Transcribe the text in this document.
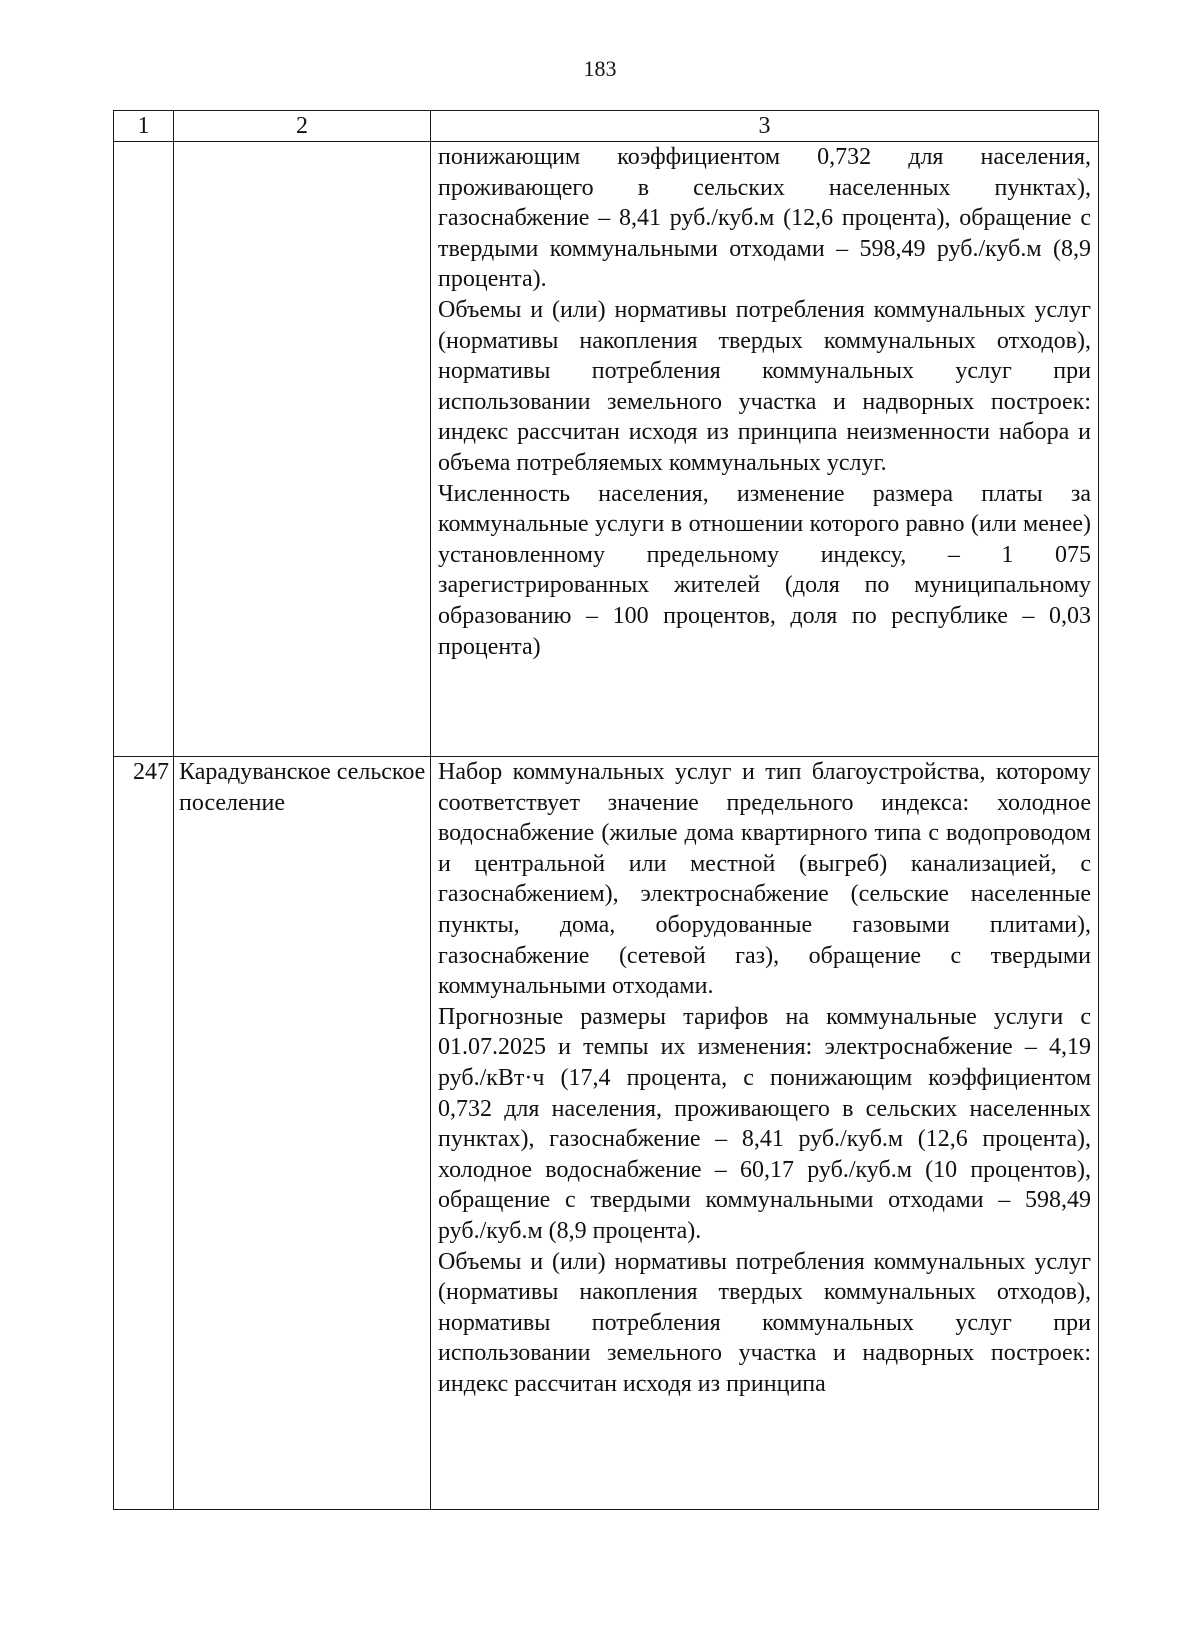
183
1	2	3

		понижающим коэффициентом 0,732 для населения, проживающего в сельских населенных пунктах), газоснабжение – 8,41 руб./куб.м (12,6 процента), обращение с твердыми коммунальными отходами – 598,49 руб./куб.м (8,9 процента).

Объемы и (или) нормативы потребления коммунальных услуг (нормативы накопления твердых коммунальных отходов), нормативы потребления коммунальных услуг при использовании земельного участка и надворных построек: индекс рассчитан исходя из принципа неизменности набора и объема потребляемых коммунальных услуг.

Численность населения, изменение размера платы за коммунальные услуги в отношении которого равно (или менее) установленному предельному индексу, – 1 075 зарегистрированных жителей (доля по муниципальному образованию – 100 процентов, доля по республике – 0,03 процента)

247	Карадуванское сельское поселение	Набор коммунальных услуг и тип благоустройства, которому соответствует значение предельного индекса: холодное водоснабжение (жилые дома квартирного типа с водопроводом и центральной или местной (выгреб) канализацией, с газоснабжением), электроснабжение (сельские населенные пункты, дома, оборудованные газовыми плитами), газоснабжение (сетевой газ), обращение с твердыми коммунальными отходами.

Прогнозные размеры тарифов на коммунальные услуги с 01.07.2025 и темпы их изменения: электроснабжение – 4,19 руб./кВт·ч (17,4 процента, с понижающим коэффициентом 0,732 для населения, проживающего в сельских населенных пунктах), газоснабжение – 8,41 руб./куб.м (12,6 процента), холодное водоснабжение – 60,17 руб./куб.м (10 процентов), обращение с твердыми коммунальными отходами – 598,49 руб./куб.м (8,9 процента).

Объемы и (или) нормативы потребления коммунальных услуг (нормативы накопления твердых коммунальных отходов), нормативы потребления коммунальных услуг при использовании земельного участка и надворных построек: индекс рассчитан исходя из принципа
